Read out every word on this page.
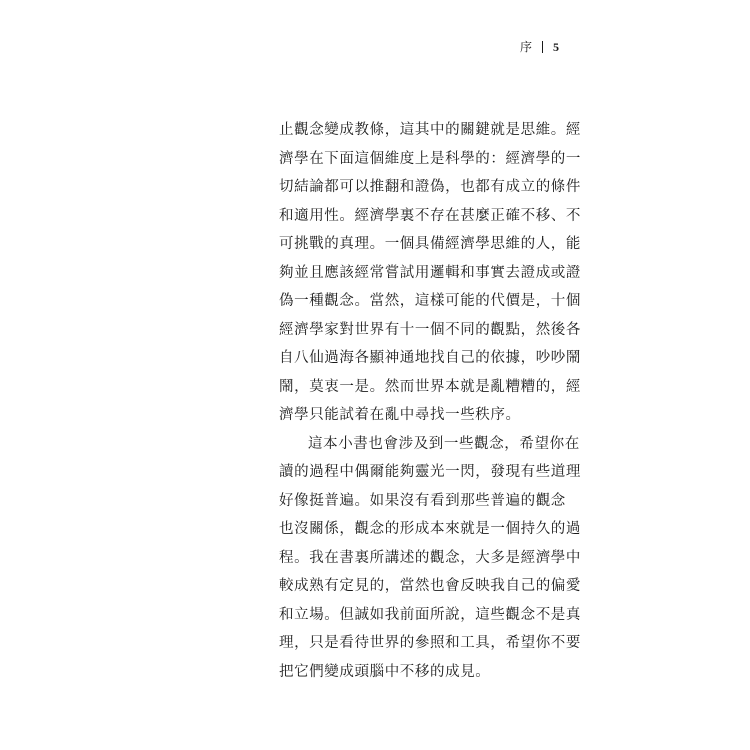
序 5
止觀念變成教條，這其中的關鍵就是思維。經
濟學在下面這個維度上是科學的：經濟學的一
切結論都可以推翻和證偽，也都有成立的條件
和適用性。經濟學裏不存在甚麼正確不移、不
可挑戰的真理。一個具備經濟學思維的人，能
夠並且應該經常嘗試用邏輯和事實去證成或證
偽一種觀念。當然，這樣可能的代價是，十個
經濟學家對世界有十一個不同的觀點，然後各
自八仙過海各顯神通地找自己的依據，吵吵鬧
鬧，莫衷一是。然而世界本就是亂糟糟的，經
濟學只能試着在亂中尋找一些秩序。
這本小書也會涉及到一些觀念，希望你在
讀的過程中偶爾能夠靈光一閃，發現有些道理
好像挺普遍。如果沒有看到那些普遍的觀念
也沒關係，觀念的形成本來就是一個持久的過
程。我在書裏所講述的觀念，大多是經濟學中
較成熟有定見的，當然也會反映我自己的偏愛
和立場。但誠如我前面所說，這些觀念不是真
理，只是看待世界的參照和工具，希望你不要
把它們變成頭腦中不移的成見。
